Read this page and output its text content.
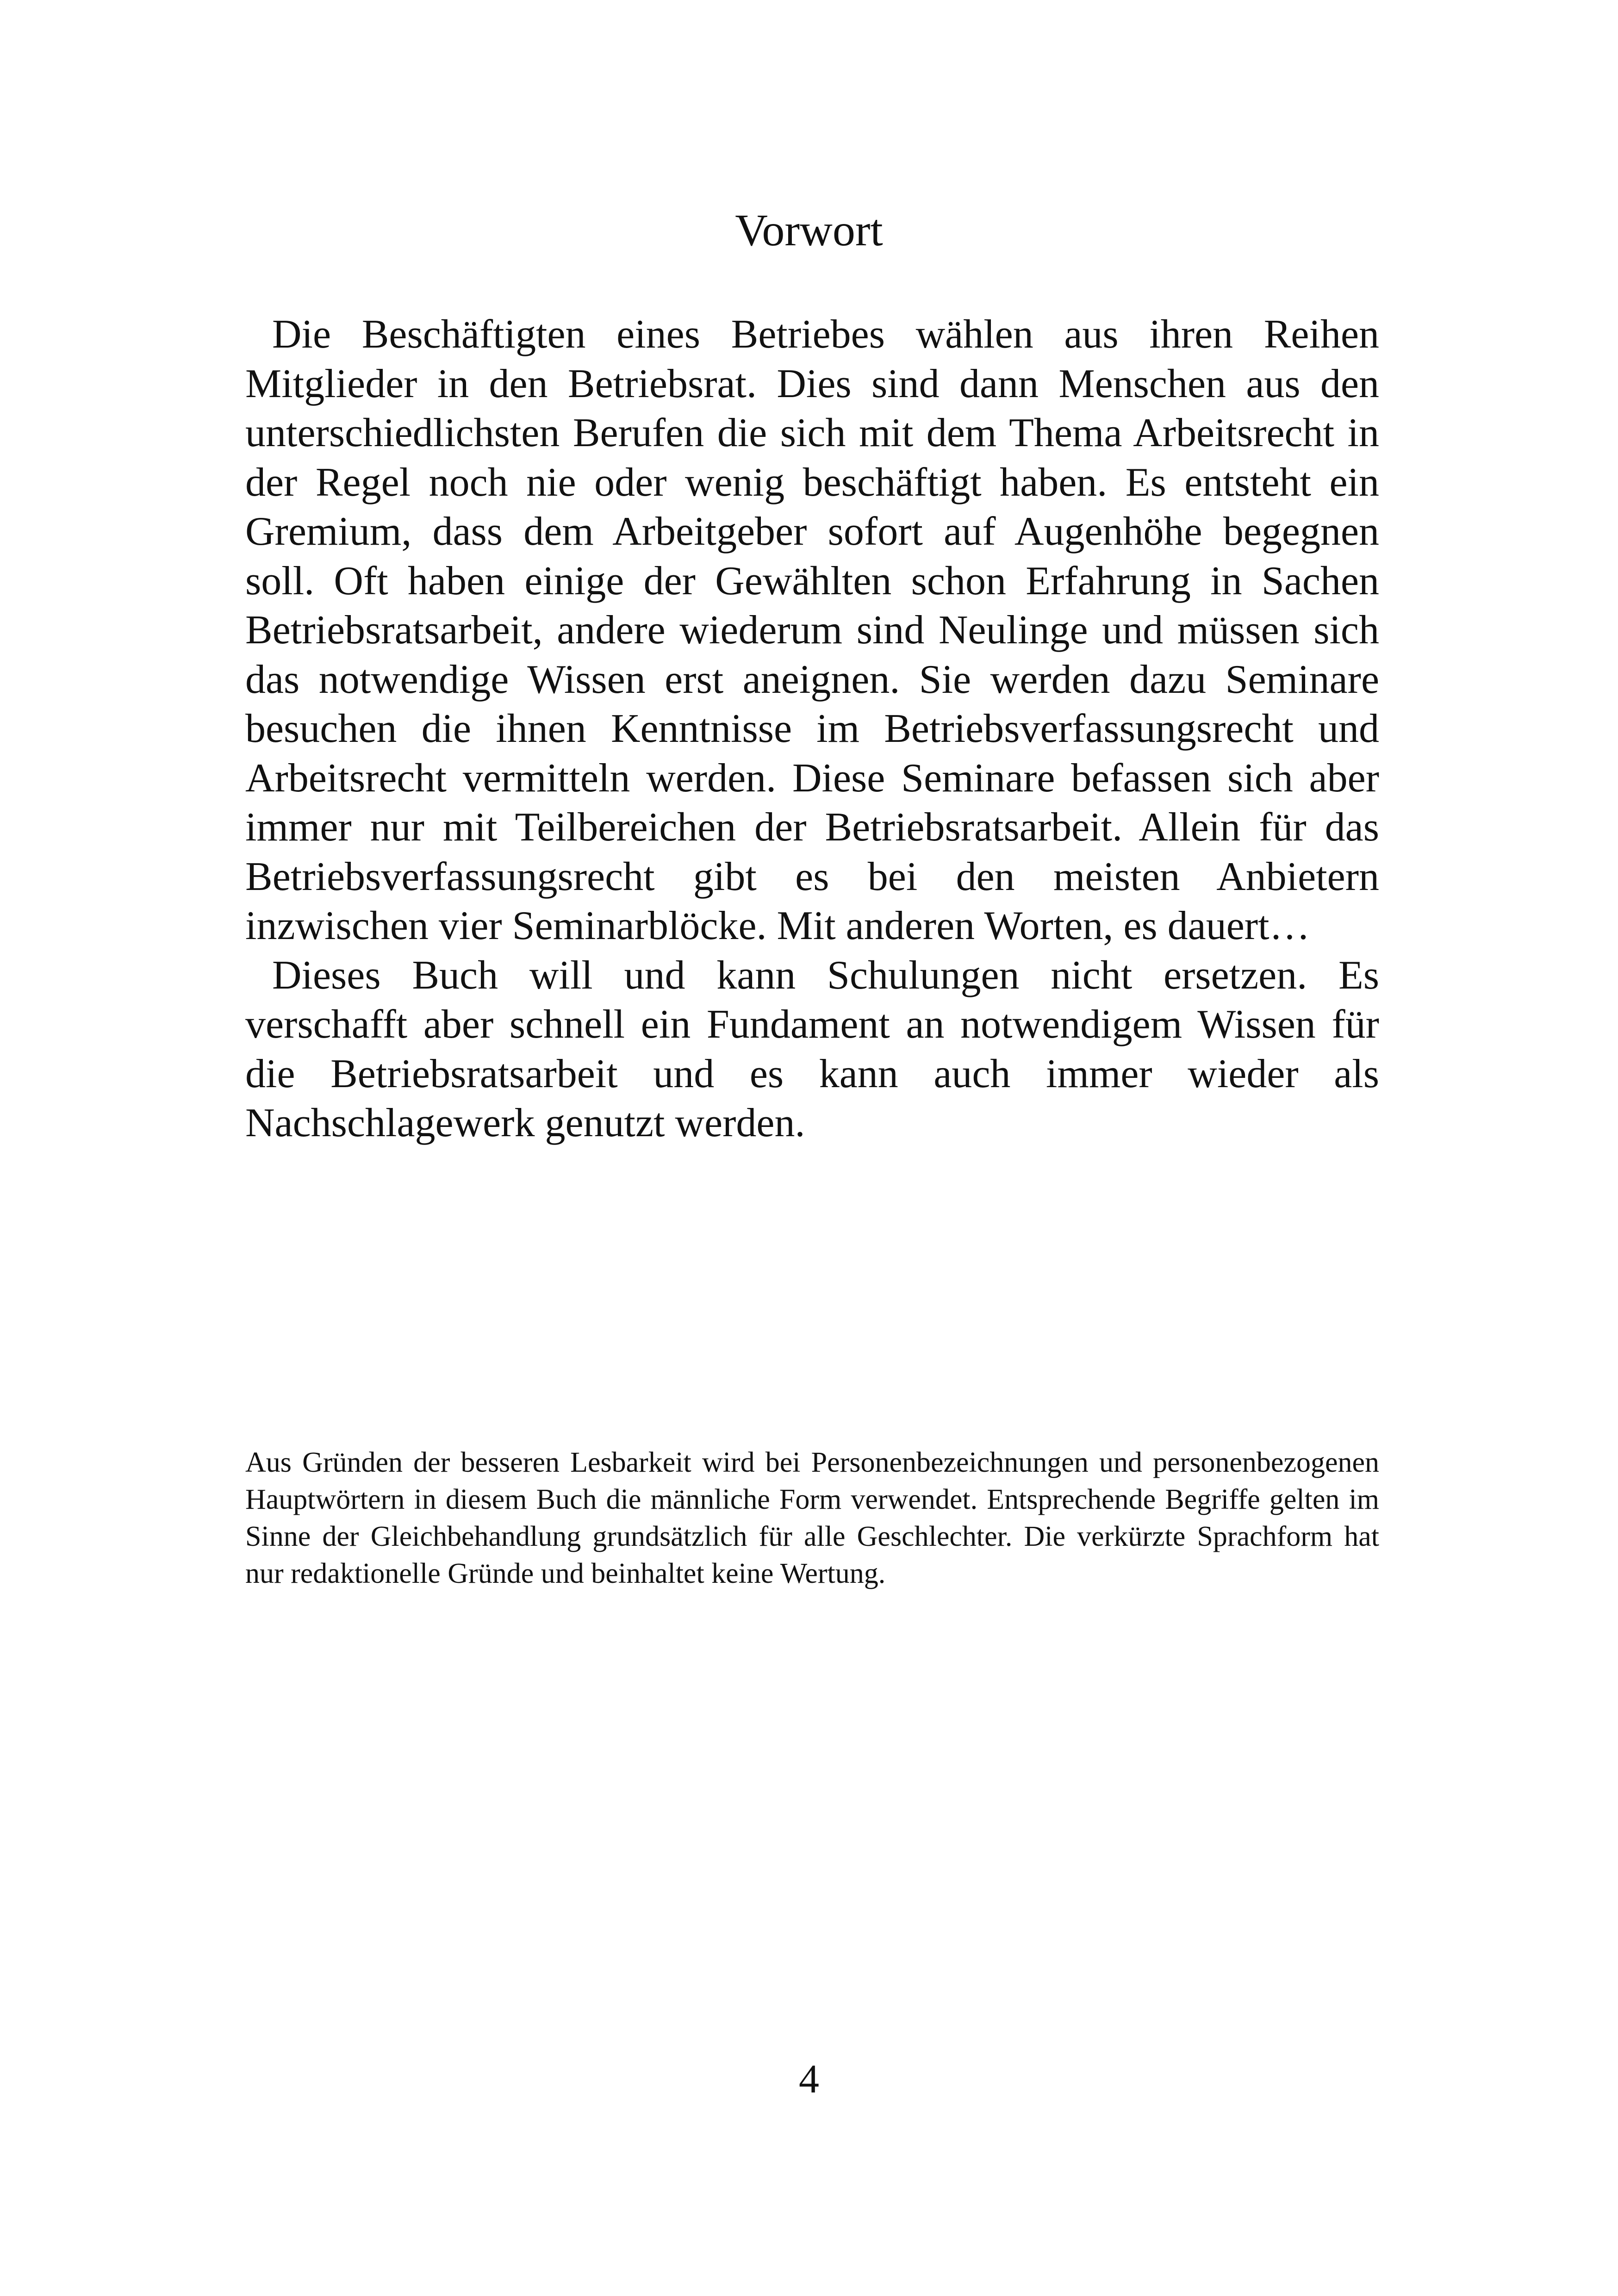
Vorwort

Die Beschäftigten eines Betriebes wählen aus ihren Reihen Mitglieder in den Betriebsrat. Dies sind dann Menschen aus den unterschiedlichsten Berufen die sich mit dem Thema Arbeitsrecht in der Regel noch nie oder wenig beschäftigt haben. Es entsteht ein Gremium, dass dem Arbeitgeber sofort auf Augenhöhe begegnen soll. Oft haben einige der Gewählten schon Erfahrung in Sachen Betriebsratsarbeit, andere wiederum sind Neulinge und müssen sich das notwendige Wissen erst aneignen. Sie werden dazu Seminare besuchen die ihnen Kenntnisse im Betriebsverfassungsrecht und Arbeitsrecht vermitteln werden. Diese Seminare befassen sich aber immer nur mit Teilbereichen der Betriebsratsarbeit. Allein für das Betriebsverfassungsrecht gibt es bei den meisten Anbietern inzwischen vier Seminarblöcke. Mit anderen Worten, es dauert…

Dieses Buch will und kann Schulungen nicht ersetzen. Es verschafft aber schnell ein Fundament an notwendigem Wissen für die Betriebsratsarbeit und es kann auch immer wieder als Nachschlagewerk genutzt werden.

Aus Gründen der besseren Lesbarkeit wird bei Personenbezeichnungen und personenbezogenen Hauptwörtern in diesem Buch die männliche Form verwendet. Entsprechende Begriffe gelten im Sinne der Gleichbehandlung grundsätzlich für alle Geschlechter. Die verkürzte Sprachform hat nur redaktionelle Gründe und beinhaltet keine Wertung.

4
